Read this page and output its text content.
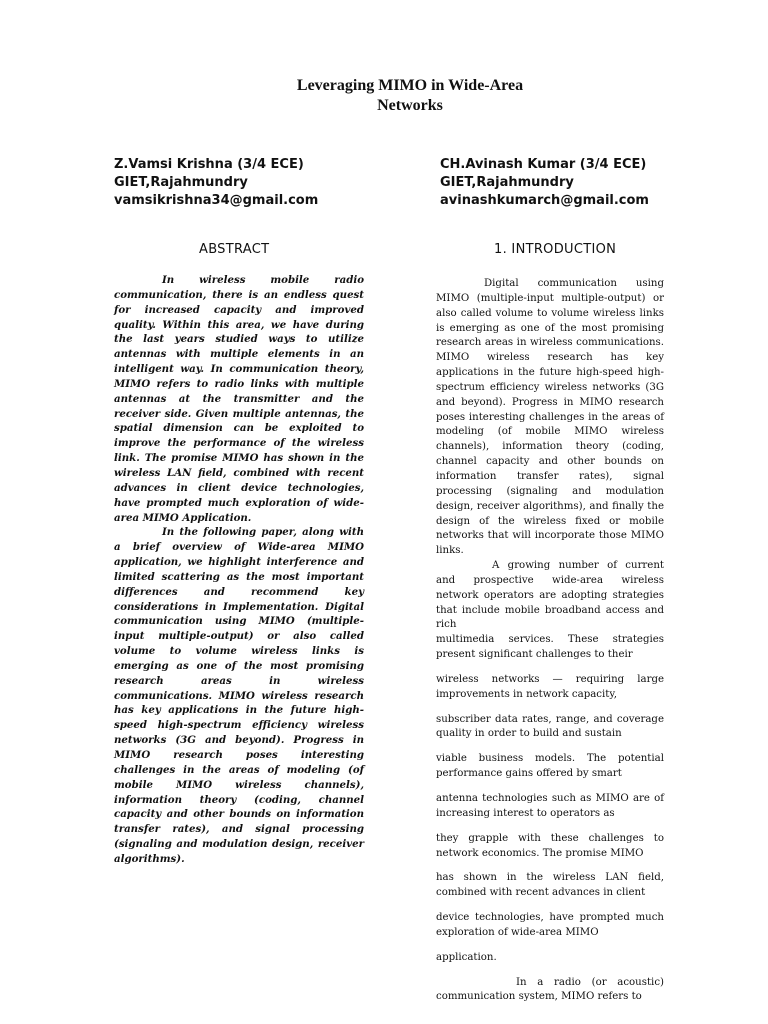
Leveraging MIMO in Wide-Area
Networks
Z.Vamsi Krishna (3/4 ECE)
GIET,Rajahmundry
vamsikrishna34@gmail.com
CH.Avinash Kumar (3/4 ECE)
GIET,Rajahmundry
avinashkumarch@gmail.com
ABSTRACT	1. INTRODUCTION

In wireless mobile radio communication, there is an endless quest for increased capacity and improved quality. Within this area, we have during the last years studied ways to utilize antennas with multiple elements in an intelligent way. In communication theory, MIMO refers to radio links with multiple antennas at the transmitter and the receiver side. Given multiple antennas, the spatial dimension can be exploited to improve the performance of the wireless link. The promise MIMO has shown in the wireless LAN field, combined with recent advances in client device technologies, have prompted much exploration of wide-area MIMO Application.

In the following paper, along with a brief overview of Wide-area MIMO application, we highlight interference and limited scattering as the most important differences and recommend key considerations in Implementation. Digital communication using MIMO (multiple-input multiple-output) or also called volume to volume wireless links is emerging as one of the most promising research areas in wireless communications. MIMO wireless research has key applications in the future high-speed high-spectrum efficiency wireless networks (3G and beyond). Progress in MIMO research poses interesting challenges in the areas of modeling (of mobile MIMO wireless channels), information theory (coding, channel capacity and other bounds on information transfer rates), and signal processing (signaling and modulation design, receiver algorithms).

Digital communication using MIMO (multiple-input multiple-output) or also called volume to volume wireless links is emerging as one of the most promising research areas in wireless communications. MIMO wireless research has key applications in the future high-speed high-spectrum efficiency wireless networks (3G and beyond). Progress in MIMO research poses interesting challenges in the areas of modeling (of mobile MIMO wireless channels), information theory (coding, channel capacity and other bounds on information transfer rates), signal processing (signaling and modulation design, receiver algorithms), and finally the design of the wireless fixed or mobile networks that will incorporate those MIMO links.

A growing number of current and prospective wide-area wireless network operators are adopting strategies that include mobile broadband access and rich

multimedia services. These strategies present significant challenges to their

wireless networks — requiring large improvements in network capacity,

subscriber data rates, range, and coverage quality in order to build and sustain

viable business models. The potential performance gains offered by smart

antenna technologies such as MIMO are of increasing interest to operators as

they grapple with these challenges to network economics. The promise MIMO

has shown in the wireless LAN field, combined with recent advances in client

device technologies, have prompted much exploration of wide-area MIMO

application.

In a radio (or acoustic) communication system, MIMO refers to
